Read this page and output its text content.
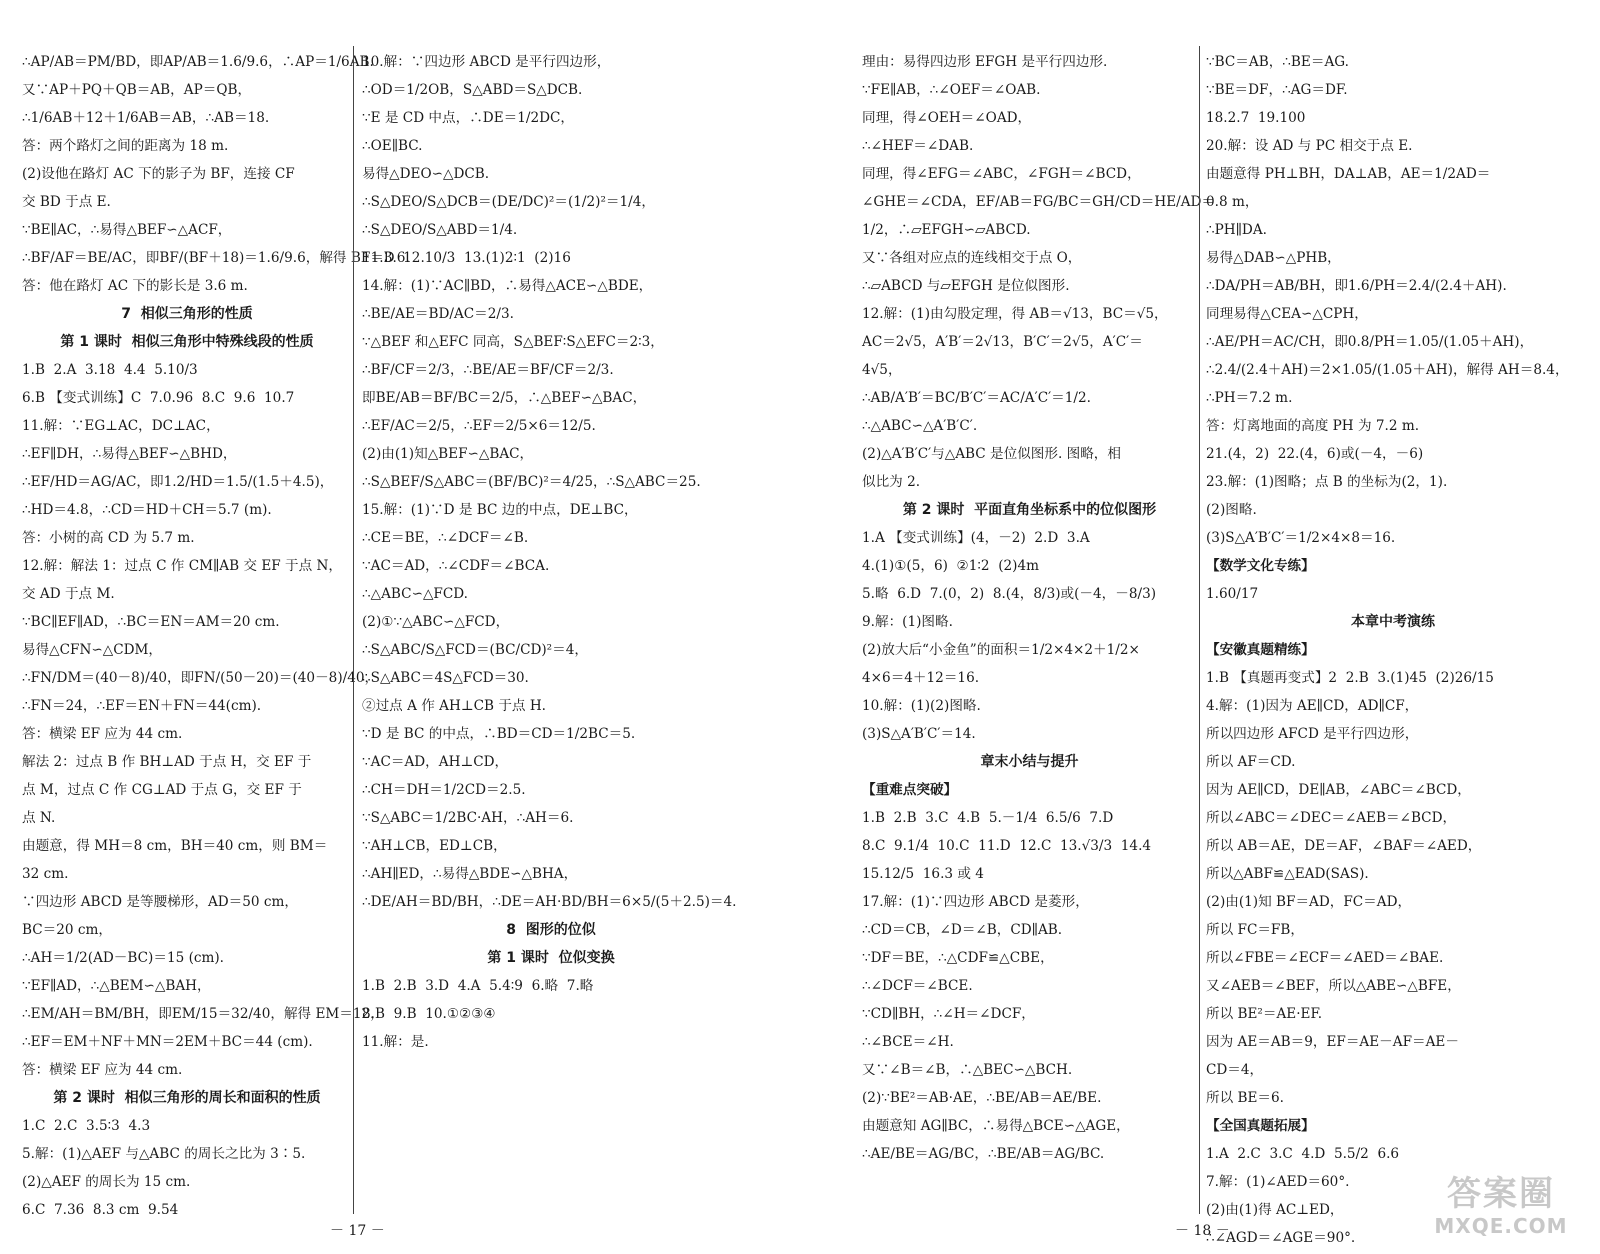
∴AP/AB＝PM/BD，即AP/AB＝1.6/9.6，∴AP＝1/6AB.
又∵AP＋PQ＋QB＝AB，AP＝QB，
∴1/6AB＋12＋1/6AB＝AB，∴AB＝18.
答：两个路灯之间的距离为 18 m.
(2)设他在路灯 AC 下的影子为 BF，连接 CF
交 BD 于点 E.
∵BE∥AC，∴易得△BEF∽△ACF，
∴BF/AF＝BE/AC，即BF/(BF＋18)＝1.6/9.6，解得 BF＝3.6.
答：他在路灯 AC 下的影长是 3.6 m.
7  相似三角形的性质
第 1 课时  相似三角形中特殊线段的性质
1.B  2.A  3.18  4.4  5.10/3
6.B 【变式训练】C  7.0.96  8.C  9.6  10.7
11.解：∵EG⊥AC，DC⊥AC，
∴EF∥DH，∴易得△BEF∽△BHD，
∴EF/HD＝AG/AC，即1.2/HD＝1.5/(1.5＋4.5)，
∴HD＝4.8，∴CD＝HD＋CH＝5.7 (m).
答：小树的高 CD 为 5.7 m.
12.解：解法 1：过点 C 作 CM∥AB 交 EF 于点 N，
交 AD 于点 M.
∵BC∥EF∥AD，∴BC＝EN＝AM＝20 cm.
易得△CFN∽△CDM，
∴FN/DM＝(40－8)/40，即FN/(50－20)＝(40－8)/40，
∴FN＝24，∴EF＝EN＋FN＝44(cm).
答：横梁 EF 应为 44 cm.
解法 2：过点 B 作 BH⊥AD 于点 H，交 EF 于
点 M，过点 C 作 CG⊥AD 于点 G，交 EF 于
点 N.
由题意，得 MH＝8 cm，BH＝40 cm，则 BM＝
32 cm.
∵四边形 ABCD 是等腰梯形，AD＝50 cm，
BC＝20 cm，
∴AH＝1/2(AD－BC)＝15 (cm).
∵EF∥AD，∴△BEM∽△BAH，
∴EM/AH＝BM/BH，即EM/15＝32/40，解得 EM＝12，
∴EF＝EM＋NF＋MN＝2EM＋BC＝44 (cm).
答：横梁 EF 应为 44 cm.
第 2 课时  相似三角形的周长和面积的性质
1.C  2.C  3.5∶3  4.3
5.解：(1)△AEF 与△ABC 的周长之比为 3∶5.
(2)△AEF 的周长为 15 cm.
6.C  7.36  8.3 cm  9.54
10.解：∵四边形 ABCD 是平行四边形，
∴OD＝1/2OB，S△ABD＝S△DCB.
∵E 是 CD 中点，∴DE＝1/2DC，
∴OE∥BC.
易得△DEO∽△DCB.
∴S△DEO/S△DCB＝(DE/DC)²＝(1/2)²＝1/4，
∴S△DEO/S△ABD＝1/4.
11.D  12.10/3  13.(1)2∶1  (2)16
14.解：(1)∵AC∥BD，∴易得△ACE∽△BDE，
∴BE/AE＝BD/AC＝2/3.
∵△BEF 和△EFC 同高，S△BEF∶S△EFC＝2∶3，
∴BF/CF＝2/3，∴BE/AE＝BF/CF＝2/3.
即BE/AB＝BF/BC＝2/5，∴△BEF∽△BAC，
∴EF/AC＝2/5，∴EF＝2/5×6＝12/5.
(2)由(1)知△BEF∽△BAC，
∴S△BEF/S△ABC＝(BF/BC)²＝4/25，∴S△ABC＝25.
15.解：(1)∵D 是 BC 边的中点，DE⊥BC，
∴CE＝BE，∴∠DCF＝∠B.
∵AC＝AD，∴∠CDF＝∠BCA.
∴△ABC∽△FCD.
(2)①∵△ABC∽△FCD，
∴S△ABC/S△FCD＝(BC/CD)²＝4，
∴S△ABC＝4S△FCD＝30.
②过点 A 作 AH⊥CB 于点 H.
∵D 是 BC 的中点，∴BD＝CD＝1/2BC＝5.
∵AC＝AD，AH⊥CD，
∴CH＝DH＝1/2CD＝2.5.
∵S△ABC＝1/2BC·AH，∴AH＝6.
∵AH⊥CB，ED⊥CB，
∴AH∥ED，∴易得△BDE∽△BHA，
∴DE/AH＝BD/BH，∴DE＝AH·BD/BH＝6×5/(5＋2.5)＝4.
8  图形的位似
第 1 课时  位似变换
1.B  2.B  3.D  4.A  5.4∶9  6.略  7.略
8.B  9.B  10.①②③④
11.解：是.
－ 17 －
理由：易得四边形 EFGH 是平行四边形.
∵FE∥AB，∴∠OEF＝∠OAB.
同理，得∠OEH＝∠OAD，
∴∠HEF＝∠DAB.
同理，得∠EFG＝∠ABC，∠FGH＝∠BCD，
∠GHE＝∠CDA，EF/AB＝FG/BC＝GH/CD＝HE/AD＝
1/2，∴▱EFGH∽▱ABCD.
又∵各组对应点的连线相交于点 O，
∴▱ABCD 与▱EFGH 是位似图形.
12.解：(1)由勾股定理，得 AB＝√13，BC＝√5，
AC＝2√5，A′B′＝2√13，B′C′＝2√5，A′C′＝
4√5，
∴AB/A′B′＝BC/B′C′＝AC/A′C′＝1/2.
∴△ABC∽△A′B′C′.
(2)△A′B′C′与△ABC 是位似图形. 图略，相
似比为 2.
第 2 课时  平面直角坐标系中的位似图形
1.A 【变式训练】(4，－2)  2.D  3.A
4.(1)①(5，6)  ②1∶2  (2)4m
5.略  6.D  7.(0，2)  8.(4，8/3)或(－4，－8/3)
9.解：(1)图略.
(2)放大后“小金鱼”的面积＝1/2×4×2＋1/2×
4×6＝4＋12＝16.
10.解：(1)(2)图略.
(3)S△A′B′C′＝14.
章末小结与提升
【重难点突破】
1.B  2.B  3.C  4.B  5.－1/4  6.5/6  7.D
8.C  9.1/4  10.C  11.D  12.C  13.√3/3  14.4
15.12/5  16.3 或 4
17.解：(1)∵四边形 ABCD 是菱形，
∴CD＝CB，∠D＝∠B，CD∥AB.
∵DF＝BE，∴△CDF≌△CBE，
∴∠DCF＝∠BCE.
∵CD∥BH，∴∠H＝∠DCF，
∴∠BCE＝∠H.
又∵∠B＝∠B，∴△BEC∽△BCH.
(2)∵BE²＝AB·AE，∴BE/AB＝AE/BE.
由题意知 AG∥BC，∴易得△BCE∽△AGE，
∴AE/BE＝AG/BC，∴BE/AB＝AG/BC.
∵BC＝AB，∴BE＝AG.
∵BE＝DF，∴AG＝DF.
18.2.7  19.100
20.解：设 AD 与 PC 相交于点 E.
由题意得 PH⊥BH，DA⊥AB，AE＝1/2AD＝
0.8 m，
∴PH∥DA.
易得△DAB∽△PHB，
∴DA/PH＝AB/BH，即1.6/PH＝2.4/(2.4＋AH).
同理易得△CEA∽△CPH，
∴AE/PH＝AC/CH，即0.8/PH＝1.05/(1.05＋AH)，
∴2.4/(2.4＋AH)＝2×1.05/(1.05＋AH)，解得 AH＝8.4，
∴PH＝7.2 m.
答：灯离地面的高度 PH 为 7.2 m.
21.(4，2)  22.(4，6)或(－4，－6)
23.解：(1)图略；点 B 的坐标为(2，1).
(2)图略.
(3)S△A′B′C′＝1/2×4×8＝16.
【数学文化专练】
1.60/17
本章中考演练
【安徽真题精练】
1.B 【真题再变式】2  2.B  3.(1)45  (2)26/15
4.解：(1)因为 AE∥CD，AD∥CF，
所以四边形 AFCD 是平行四边形，
所以 AF＝CD.
因为 AE∥CD，DE∥AB，∠ABC＝∠BCD，
所以∠ABC＝∠DEC＝∠AEB＝∠BCD，
所以 AB＝AE，DE＝AF，∠BAF＝∠AED，
所以△ABF≌△EAD(SAS).
(2)由(1)知 BF＝AD，FC＝AD，
所以 FC＝FB，
所以∠FBE＝∠ECF＝∠AED＝∠BAE.
又∠AEB＝∠BEF，所以△ABE∽△BFE，
所以 BE²＝AE·EF.
因为 AE＝AB＝9，EF＝AE－AF＝AE－
CD＝4，
所以 BE＝6.
【全国真题拓展】
1.A  2.C  3.C  4.D  5.5/2  6.6
7.解：(1)∠AED＝60°.
(2)由(1)得 AC⊥ED，
∴∠AGD＝∠AGE＝90°.
－ 18 －
答案圈
MXQE.COM
